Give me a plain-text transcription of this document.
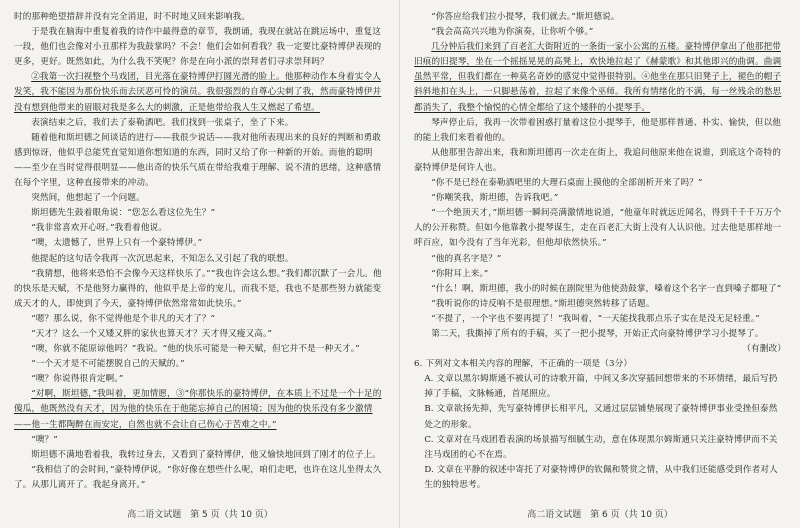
时的那种绝望措辞并没有完全消退，时不时地又回来影响我。

于是我在脑海中重复着我的诗作中最得意的章节，我朗诵，我现在就站在跳运场中，重复这一段，他们也会像对小丑那样为我鼓掌吗？不会！他们会如何看我？我一定要比豪特博伊表现的更多，更好。既然如此，为什么我不笑呢？你是在向小派的崇拜者们寻求崇拜吗？

②我第一次扫视整个马戏团，目光落在豪特博伊打圆光滑的脸上。他那种动作本身着实令人发笑，我不能因为那份快乐而去厌恶可怜的演员。我很强烈的自尊心尖刺了我，然而豪特博伊并没有想到他带来的眉眼对我是多么大的刺激，正是他带给我人生又燃起了希望。

表演结束之后，我们去了泰勒酒吧。我们找到一张桌子，坐了下来。

随着他和斯坦德之间谈话的进行——我很少说话——我对他所表现出来的良好的判断和勇敢感到惊讶，他似乎总能凭直觉知道你想知道的东西，同时又给了你一种新的开始。而他的聪明——至少在当时觉得很明显——他出奇的快乐气质在带给我难于理解、说不清的思绪，这种感情在每个字里，这种直接带来的冲动。

突然间，他想起了一个问题。

斯坦德先生鼓着眼角说：“您怎么看这位先生？”

“我非常喜欢开心呀。”我看着他说。

“噢，太遗憾了，世界上只有一个豪特博伊。”

他提起的这句话令我再一次沉思起来，不知怎么又引起了我的联想。

“我猜想，他将来恐怕不会像今天这样快乐了。”“我也许会这么想。”我们都沉默了一会儿。他的快乐是天赋，不是他努力赢得的，他似乎是上帝的宠儿，而我不是，我也不是那些努力就能变成天才的人，即使到了今天，豪特博伊依然常常如此快乐。”

“嗯？那么说，你不觉得他是个非凡的天才了？”

“天才？这么一个又矮又胖的家伙也算天才？天才得又瘦又高。”

“噢，你就不能原谅他吗？”我说。“他的快乐可能是一种天赋，但它并不是一种天才。”

“一个天才是不可能摆脱自己的天赋的。”

“噢？你说得很肯定啊。”

“对啊，斯坦德，”我叫着，更加情愿，③“你那快乐的豪特博伊，在本质上不过是一个十足的傻瓜，他既然没有天才，因为他的快乐在于他能忘掉自己的困境；因为他的快乐没有多少激情——他一生都陶醉在而安定，自然也就不会让自己伤心于苦难之中。”

“噢？”

斯坦德不满地看着我，我转过身去，又看到了豪特博伊，他又愉快地回到了刚才的位子上。

“我相信了的会时间，”豪特博伊说，“你好像在想些什么呢，咱们走吧，也许在这儿坐得太久了。从那儿离开了。我起身离开。”

高二语文试题　第 5 页（共 10 页）

“你答应给我们拉小提琴，我们就去。”斯坦德说。

“我会高高兴兴地为你演奏，让你听个够。”

几分钟后我们来到了百老汇大街附近的一条街一家小公寓的五楼。豪特博伊拿出了他那把带旧痕的旧提琴，坐在一个摇摇晃晃的高凳上，欢快地拉起了《赫蒙歌》和其他即兴的曲调。曲调虽然平常，但我们都在一种莫名奇妙的感觉中觉得很特别。④他坐在那只旧凳子上，褪色的帽子斜斜地扣在头上，一只脚悬荡着，拉起了来像个巫师。我所有情绪化的不满，每一丝残余的愁思都消失了，我整个愉悦的心情全都给了这个矮胖的小提琴手。

琴声停止后，我再一次带着困惑打量着这位小提琴手，他是那样普通、朴实、愉快，但以他的能上我们来看着他的。

从他那里告辞出来，我和斯坦德再一次走在街上，我追问他原来他在说谁，到底这个奇特的豪特博伊是何许人也。

“你不是已经在泰勒酒吧里的大理石桌面上摸他的全部剖析开来了吗？”

“你嘲笑我，斯坦德，告诉我吧。”

“一个绝顶天才，”斯坦德一瞬间亮满激情地说道，“他童年时就远近闻名，得到千千千万万个人的公开称赞。但如今他靠教小提琴谋生，走在百老汇大街上没有人认识他。过去他是那样地一呼百应，如今没有了当年光彩，但他却依然快乐。”

“他的真名字是？”

“你附耳上来。”

“什么！啊，斯坦德，我小的时候在剧院里为他使劲鼓掌，嗓着这个名字一直到嗓子都哑了”

“我听说你的诗反响不是很理想。”斯坦德突然转移了话题。

“不提了，一个字也不要再提了！”我叫着，“一天能找我那点乐子实在是没无足轻重。”

第二天，我撕掉了所有的手稿，买了一把小提琴，开始正式向豪特博伊学习小提琴了。

（有删改）

6. 下列对文本相关内容的理解，不正确的一项是（3分）

A. 文章以黑尔姆斯通不被认可的诗歌开篇，中间又多次穿插回想带来的不环情绪，最后写扔掉了手稿，文脉畅通，首尾照应。

B. 文章欲扬先抑，先写豪特博伊长相平凡，又通过层层铺垫展现了豪特博伊事业受挫但泰然处之的形象。

C. 文章对在马戏团看表演的场景描写细腻生动，意在体现黑尔姆斯通只关注豪特博伊而不关注马戏团的心不在焉。

D. 文章在平静的叙述中寄托了对豪特博伊的钦佩和赞赏之情，从中我们还能感受到作者对人生的独特思考。

高二语文试题　第 6 页（共 10 页）
